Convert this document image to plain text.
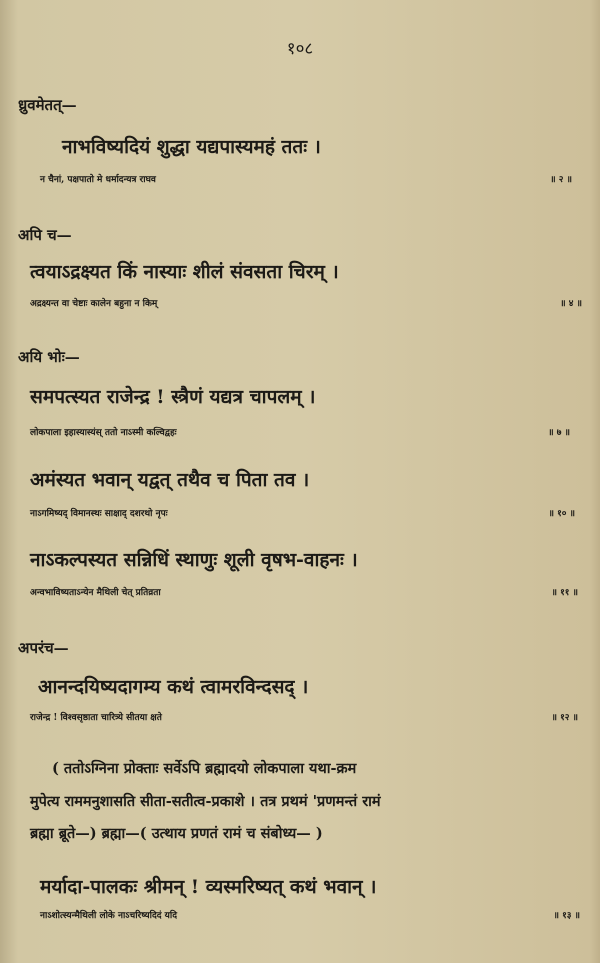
१०८
ध्रुवमेतत्—
नाभविष्यदियं शुद्धा यद्यपास्यमहं ततः ।
न चैनां, पक्षपातो मे धर्मादन्यत्र राघव	॥ २ ॥
अपि च—
त्वयाऽद्रक्ष्यत किं नास्याः शीलं संवसता चिरम् ।
अद्रक्ष्यन्त वा चेष्टाः कालेन बहुना न किम्	॥ ४ ॥
अयि भोः—
समपत्स्यत राजेन्द्र ! स्त्रैणं यद्यत्र चापलम् ।
लोकपाला इहास्यास्यंस् ततो नाऽस्मी कल्विद्वहः	॥ ७ ॥
अमंस्यत भवान् यद्वत् तथैव च पिता तव ।
नाऽगमिष्यद् विमानस्थः साक्षाद् दशरथो नृपः	॥ १० ॥
नाऽकल्पस्यत सन्निधिं स्थाणुः शूली वृषभ-वाहनः ।
अन्वभाविष्यताऽन्येन मैथिली चेत् प्रतिव्रता	॥ ११ ॥
अपरंच—
आनन्दयिष्यदागम्य कथं त्वामरविन्दसद् ।
राजेन्द्र ! विश्वसृष्ठाता चारित्र्ये सीतया क्षते	॥ १२ ॥
( ततोऽग्निना प्रोक्ताः सर्वेऽपि ब्रह्मादयो लोकपाला यथा-क्रम
मुपेत्य राममनुशासति सीता-सतीत्व-प्रकाशे । तत्र प्रथमं 'प्रणमन्तं रामं
ब्रह्मा ब्रूते—) ब्रह्मा—( उत्थाय प्रणतं रामं च संबोध्य— )
मर्यादा-पालकः श्रीमन् ! व्यस्मरिष्यत् कथं भवान् ।
नाऽशोत्स्यन्मैथिली लोके नाऽचरिष्यदिदं यदि	॥ १३ ॥
